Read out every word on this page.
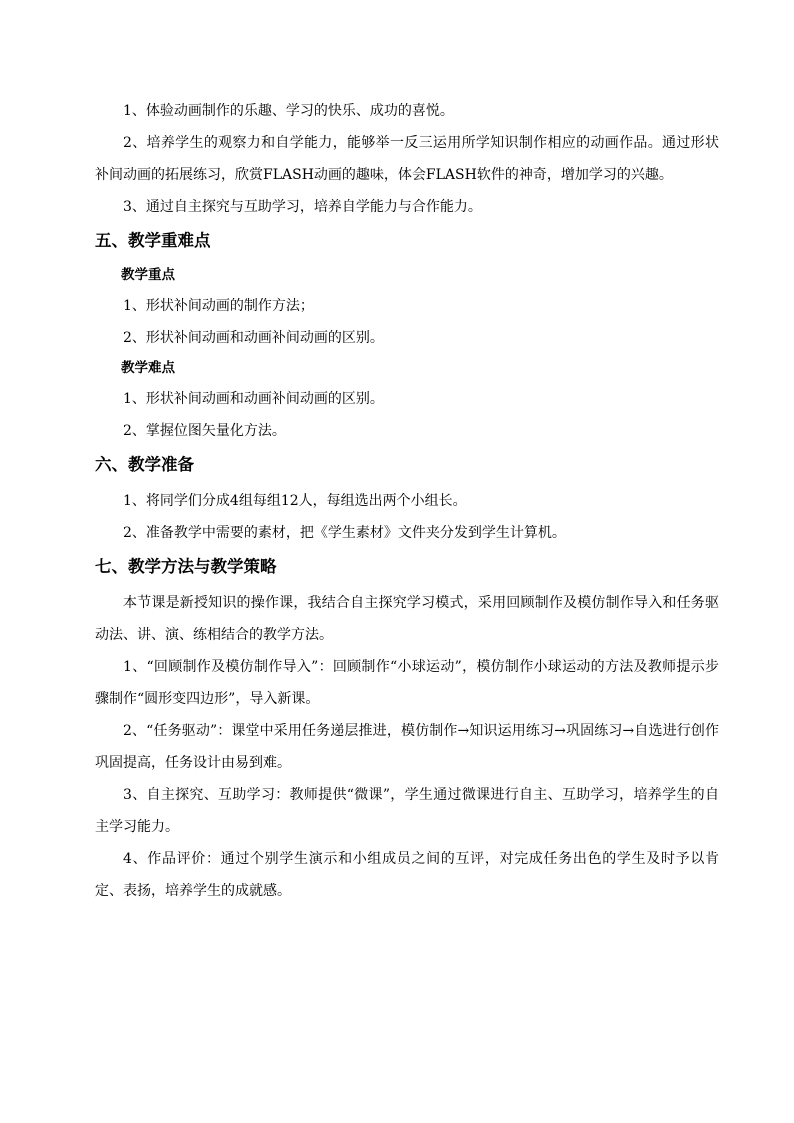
1、体验动画制作的乐趣、学习的快乐、成功的喜悦。

2、培养学生的观察力和自学能力，能够举一反三运用所学知识制作相应的动画作品。通过形状补间动画的拓展练习，欣赏FLASH动画的趣味，体会FLASH软件的神奇，增加学习的兴趣。

3、通过自主探究与互助学习，培养自学能力与合作能力。

五、教学重难点

教学重点

1、形状补间动画的制作方法；

2、形状补间动画和动画补间动画的区别。

教学难点

1、形状补间动画和动画补间动画的区别。

2、掌握位图矢量化方法。

六、教学准备

1、将同学们分成4组每组12人，每组选出两个小组长。

2、准备教学中需要的素材，把《学生素材》文件夹分发到学生计算机。

七、教学方法与教学策略

本节课是新授知识的操作课，我结合自主探究学习模式，采用回顾制作及模仿制作导入和任务驱动法、讲、演、练相结合的教学方法。

1、“回顾制作及模仿制作导入”：回顾制作“小球运动”，模仿制作小球运动的方法及教师提示步骤制作“圆形变四边形”，导入新课。

2、“任务驱动”：课堂中采用任务递层推进，模仿制作→知识运用练习→巩固练习→自选进行创作巩固提高，任务设计由易到难。

3、自主探究、互助学习：教师提供“微课”，学生通过微课进行自主、互助学习，培养学生的自主学习能力。

4、作品评价：通过个别学生演示和小组成员之间的互评，对完成任务出色的学生及时予以肯定、表扬，培养学生的成就感。
